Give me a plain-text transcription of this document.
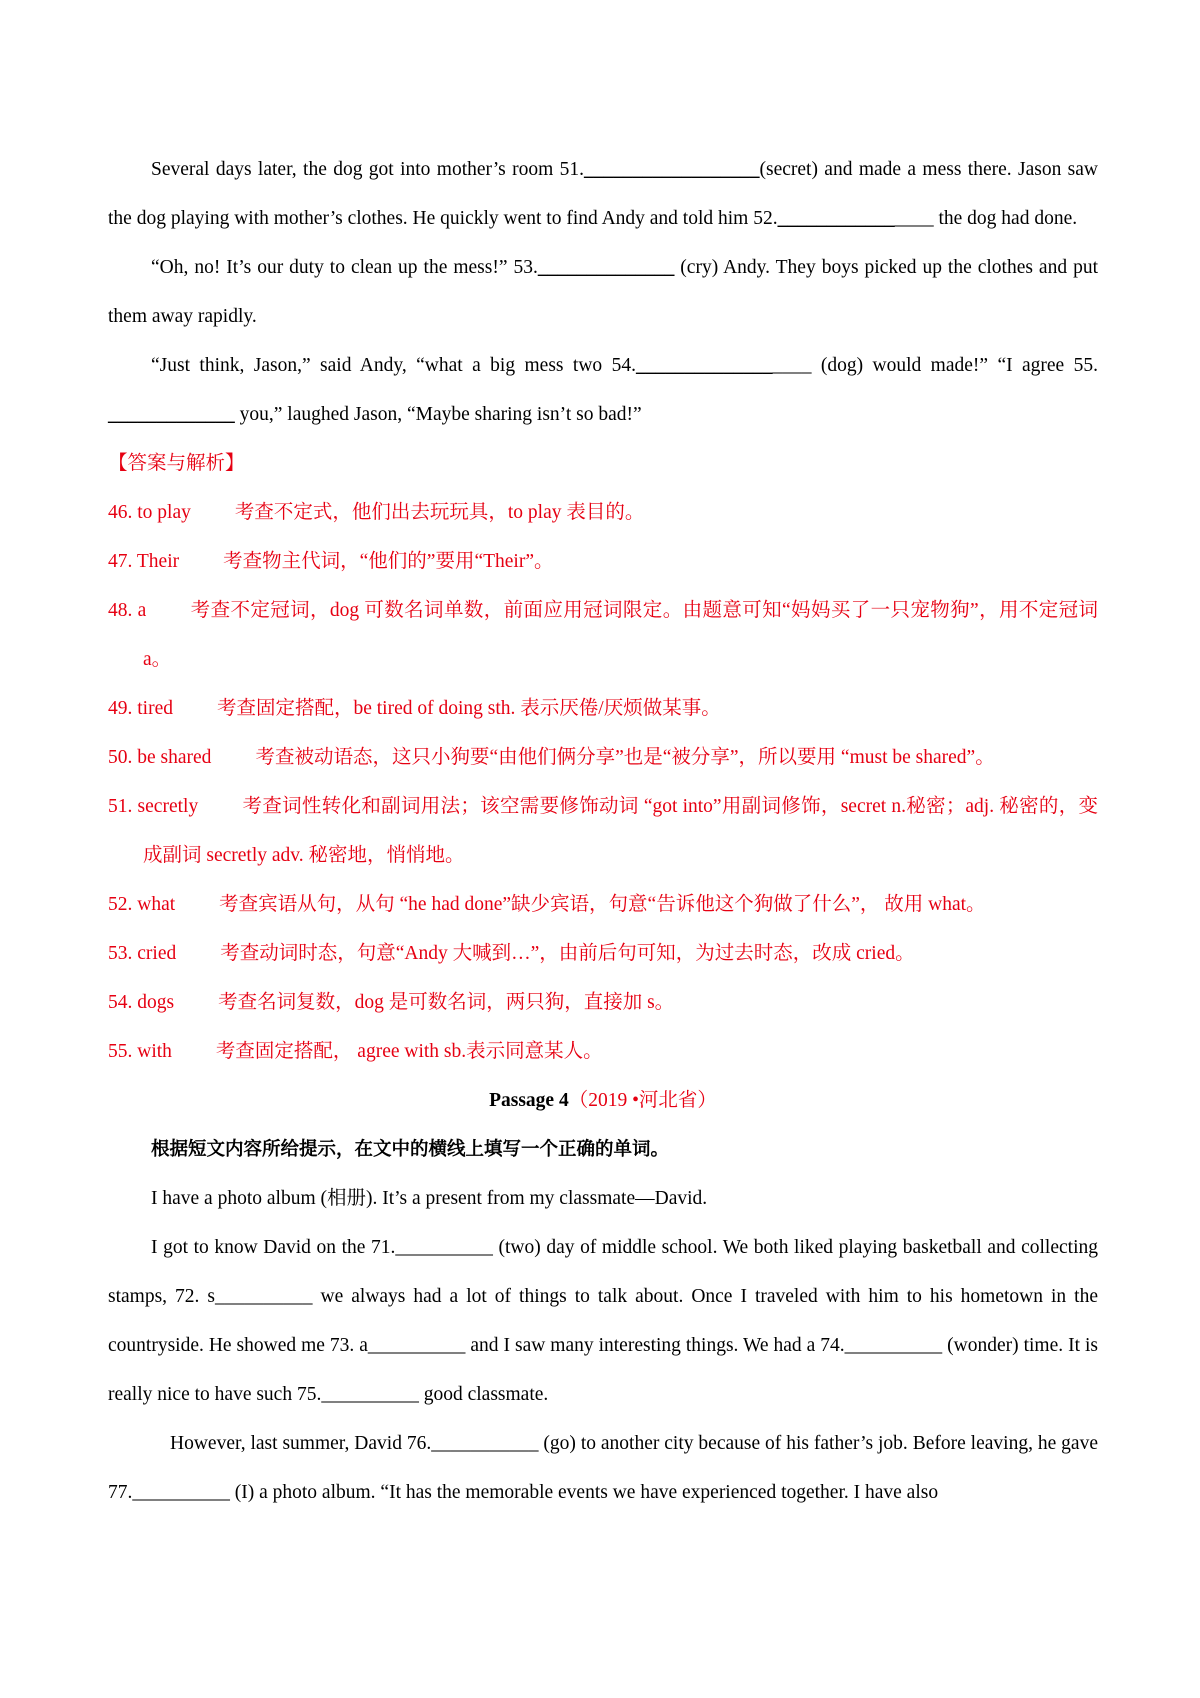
Several days later, the dog got into mother’s room 51.__________________(secret) and made a mess there. Jason saw the dog playing with mother’s clothes. He quickly went to find Andy and told him 52.________________ the dog had done.

“Oh, no! It’s our duty to clean up the mess!” 53.______________ (cry) Andy. They boys picked up the clothes and put them away rapidly.

“Just think, Jason,” said Andy, “what a big mess two 54.__________________ (dog) would made!” “I agree 55. _____________ you,” laughed Jason, “Maybe sharing isn’t so bad!”

【答案与解析】

46. to play 考查不定式，他们出去玩玩具，to play 表目的。

47. Their 考查物主代词，“他们的”要用“Their”。

48. a 考查不定冠词，dog 可数名词单数，前面应用冠词限定。由题意可知“妈妈买了一只宠物狗”，用不定冠词 a。

49. tired 考查固定搭配，be tired of doing sth. 表示厌倦/厌烦做某事。

50. be shared 考查被动语态，这只小狗要“由他们俩分享”也是“被分享”，所以要用 “must be shared”。

51. secretly 考查词性转化和副词用法；该空需要修饰动词 “got into”用副词修饰，secret n.秘密；adj. 秘密的，变成副词 secretly adv. 秘密地，悄悄地。

52. what 考查宾语从句，从句 “he had done”缺少宾语，句意“告诉他这个狗做了什么”， 故用 what。

53. cried 考查动词时态，句意“Andy 大喊到…”，由前后句可知，为过去时态，改成 cried。

54. dogs 考查名词复数，dog 是可数名词，两只狗，直接加 s。

55. with 考查固定搭配， agree with sb.表示同意某人。

Passage 4（2019 •河北省）

根据短文内容所给提示，在文中的横线上填写一个正确的单词。

I have a photo album (相册). It’s a present from my classmate—David.

I got to know David on the 71.__________ (two) day of middle school. We both liked playing basketball and collecting stamps, 72. s__________ we always had a lot of things to talk about. Once I traveled with him to his hometown in the countryside. He showed me 73. a__________ and I saw many interesting things. We had a 74.__________ (wonder) time. It is really nice to have such 75.__________ good classmate.

However, last summer, David 76.___________ (go) to another city because of his father’s job. Before leaving, he gave 77.__________ (I) a photo album. “It has the memorable events we have experienced together. I have also
